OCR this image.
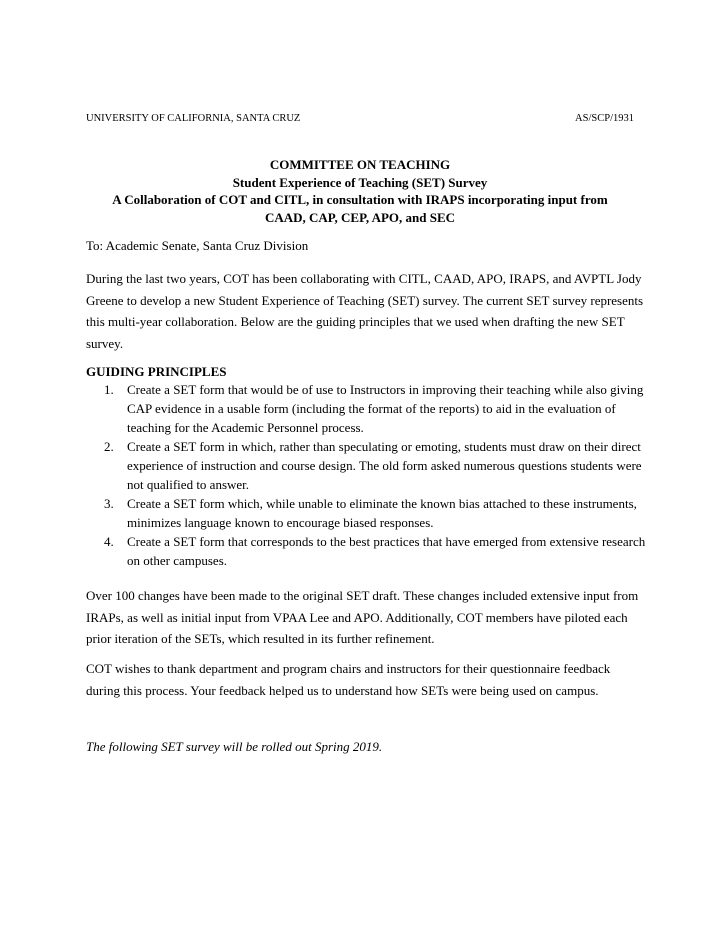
UNIVERSITY OF CALIFORNIA, SANTA CRUZ	AS/SCP/1931
COMMITTEE ON TEACHING
Student Experience of Teaching (SET) Survey
A Collaboration of COT and CITL, in consultation with IRAPS incorporating input from
CAAD, CAP, CEP, APO, and SEC

To: Academic Senate, Santa Cruz Division

During the last two years, COT has been collaborating with CITL, CAAD, APO, IRAPS, and AVPTL Jody Greene to develop a new Student Experience of Teaching (SET) survey. The current SET survey represents this multi-year collaboration. Below are the guiding principles that we used when drafting the new SET survey.

GUIDING PRINCIPLES

1. Create a SET form that would be of use to Instructors in improving their teaching while also giving CAP evidence in a usable form (including the format of the reports) to aid in the evaluation of teaching for the Academic Personnel process.
2. Create a SET form in which, rather than speculating or emoting, students must draw on their direct experience of instruction and course design. The old form asked numerous questions students were not qualified to answer.
3. Create a SET form which, while unable to eliminate the known bias attached to these instruments, minimizes language known to encourage biased responses.
4. Create a SET form that corresponds to the best practices that have emerged from extensive research on other campuses.

Over 100 changes have been made to the original SET draft. These changes included extensive input from IRAPs, as well as initial input from VPAA Lee and APO. Additionally, COT members have piloted each prior iteration of the SETs, which resulted in its further refinement.

COT wishes to thank department and program chairs and instructors for their questionnaire feedback during this process. Your feedback helped us to understand how SETs were being used on campus.

The following SET survey will be rolled out Spring 2019.
